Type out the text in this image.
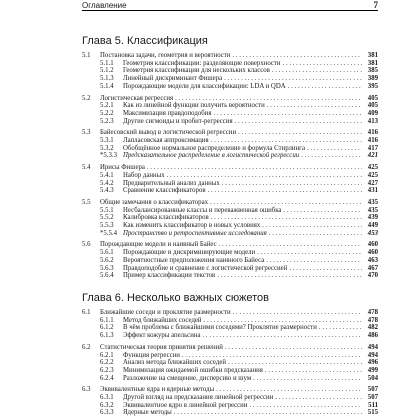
Оглавление	7
Глава 5. Классификация
5.1	Постановка задачи, геометрия и вероятности . . .	381
5.1.1	Геометрия классификации: разделяющие поверхности . . .	381
5.1.2	Геометрия классификации для нескольких классов . . .	385
5.1.3	Линейный дискриминант Фишера . . .	389
5.1.4	Порождающие модели для классификации: LDA и QDA . . .	395
5.2	Логистическая регрессия . . .	405
5.2.1	Как из линейной функции получить вероятности . . .	405
5.2.2	Максимизация правдоподобия . . .	409
5.2.3	Другие сигмоиды и пробит-регрессия . . .	413
5.3	Байесовский вывод в логистической регрессии . . .	416
5.3.1	Лапласовская аппроксимация . . .	416
5.3.2	Обобщённое нормальное распределение и формула Стирлинга . . .	417
*5.3.3 Предсказательное распределение в логистической регрессии . . .	421
5.4	Ирисы Фишера . . .	425
5.4.1	Набор данных . . .	425
5.4.2	Предварительный анализ данных . . .	427
5.4.3	Сравнение классификаторов . . .	431
5.5	Общие замечания о классификаторах . . .	435
5.5.1	Несбалансированные классы и переважвенная ошибка . . .	435
5.5.2	Калибровка классификаторов . . .	439
5.5.3	Как изменить классификатор в новых условиях . . .	449
*5.5.4 Пространство и ретроспективные исследования . . .	453
5.6	Порождающие модели и наивный Байес . . .	460
5.6.1	Порождающие и дискриминирующие модели . . .	460
5.6.2	Вероятностные предположения наивного Байеса . . .	463
5.6.3	Правдоподобие и сравнение с логистической регрессией . . .	467
5.6.4	Пример классификации текстов . . .	470
Глава 6. Несколько важных сюжетов
6.1	Ближайшие соседи и проклятие размерности . . .	478
6.1.1	Метод ближайших соседей . . .	478
6.1.2	В чём проблема с ближайшими соседями? Проклятие размерности . . .	482
6.1.3	Эффект кожуры апельсина . . .	486
6.2	Статистическая теория принятия решений . . .	494
6.2.1	Функция регрессии . . .	494
6.2.2	Анализ метода ближайших соседей . . .	496
6.2.3	Минимизация ожидаемой ошибки предсказания . . .	499
6.2.4	Разложение на смещение, дисперсию и шум . . .	504
6.3	Эквивалентные ядра и ядерные методы . . .	507
6.3.1	Другой взгляд на предсказания линейной регрессии . . .	507
6.3.2	Эквивалентное ядро в линейной регрессии . . .	511
6.3.3	Ядерные методы . . .	515
